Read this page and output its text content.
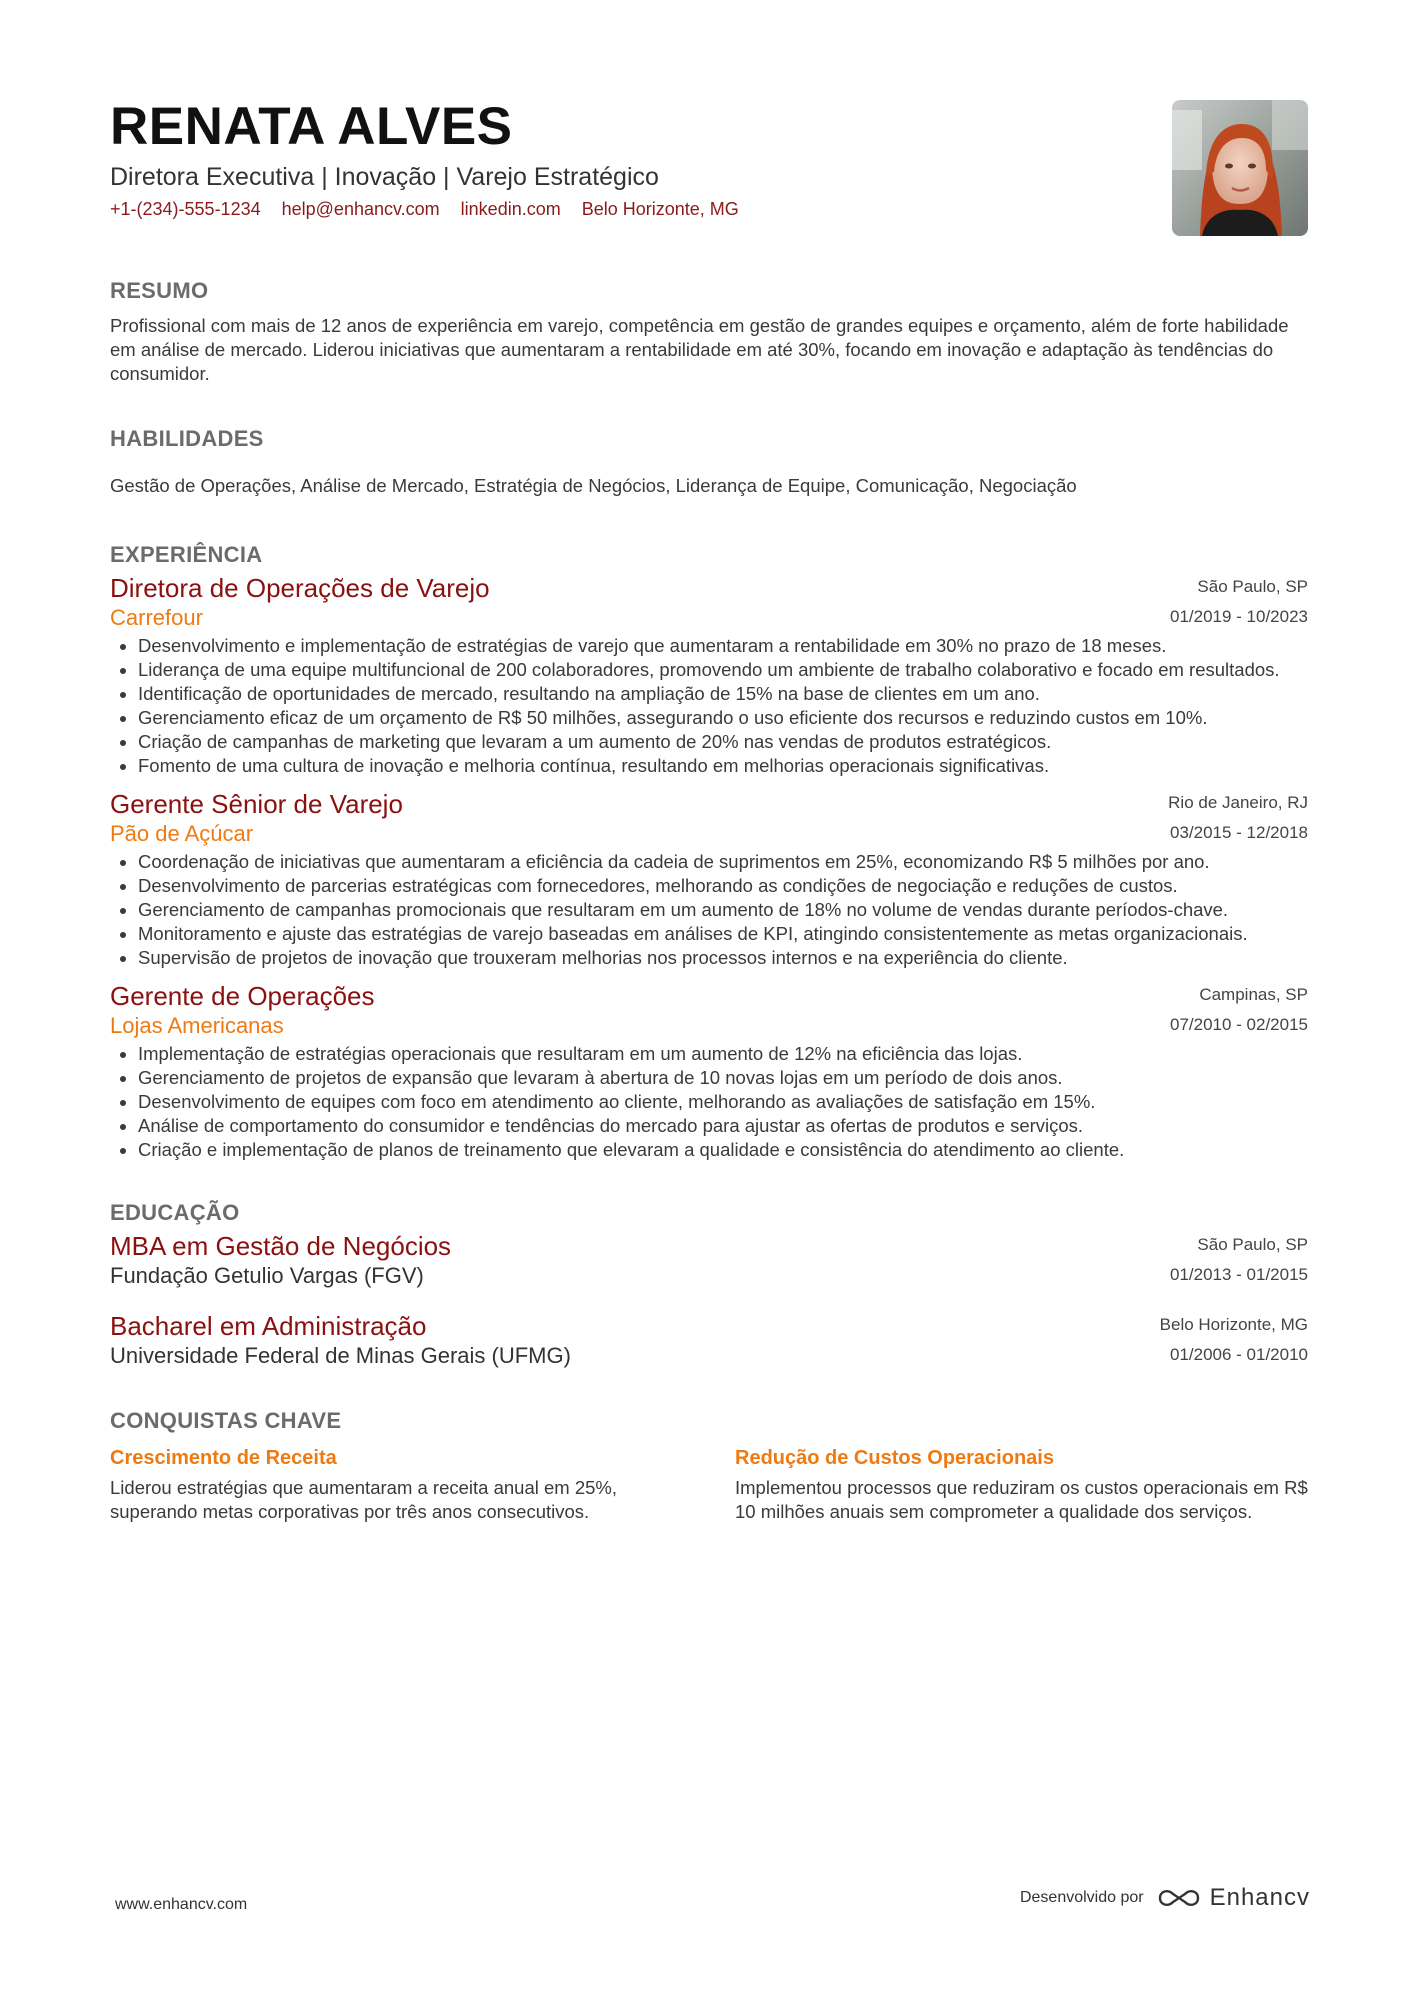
RENATA ALVES
Diretora Executiva | Inovação | Varejo Estratégico
+1-(234)-555-1234 help@enhancv.com linkedin.com Belo Horizonte, MG
RESUMO
Profissional com mais de 12 anos de experiência em varejo, competência em gestão de grandes equipes e orçamento, além de forte habilidade em análise de mercado. Liderou iniciativas que aumentaram a rentabilidade em até 30%, focando em inovação e adaptação às tendências do consumidor.
HABILIDADES
Gestão de Operações, Análise de Mercado, Estratégia de Negócios, Liderança de Equipe, Comunicação, Negociação
EXPERIÊNCIA
Diretora de Operações de Varejo
Carrefour
São Paulo, SP
01/2019 - 10/2023
• Desenvolvimento e implementação de estratégias de varejo que aumentaram a rentabilidade em 30% no prazo de 18 meses.
• Liderança de uma equipe multifuncional de 200 colaboradores, promovendo um ambiente de trabalho colaborativo e focado em resultados.
• Identificação de oportunidades de mercado, resultando na ampliação de 15% na base de clientes em um ano.
• Gerenciamento eficaz de um orçamento de R$ 50 milhões, assegurando o uso eficiente dos recursos e reduzindo custos em 10%.
• Criação de campanhas de marketing que levaram a um aumento de 20% nas vendas de produtos estratégicos.
• Fomento de uma cultura de inovação e melhoria contínua, resultando em melhorias operacionais significativas.
Gerente Sênior de Varejo
Pão de Açúcar
Rio de Janeiro, RJ
03/2015 - 12/2018
• Coordenação de iniciativas que aumentaram a eficiência da cadeia de suprimentos em 25%, economizando R$ 5 milhões por ano.
• Desenvolvimento de parcerias estratégicas com fornecedores, melhorando as condições de negociação e reduções de custos.
• Gerenciamento de campanhas promocionais que resultaram em um aumento de 18% no volume de vendas durante períodos-chave.
• Monitoramento e ajuste das estratégias de varejo baseadas em análises de KPI, atingindo consistentemente as metas organizacionais.
• Supervisão de projetos de inovação que trouxeram melhorias nos processos internos e na experiência do cliente.
Gerente de Operações
Lojas Americanas
Campinas, SP
07/2010 - 02/2015
• Implementação de estratégias operacionais que resultaram em um aumento de 12% na eficiência das lojas.
• Gerenciamento de projetos de expansão que levaram à abertura de 10 novas lojas em um período de dois anos.
• Desenvolvimento de equipes com foco em atendimento ao cliente, melhorando as avaliações de satisfação em 15%.
• Análise de comportamento do consumidor e tendências do mercado para ajustar as ofertas de produtos e serviços.
• Criação e implementação de planos de treinamento que elevaram a qualidade e consistência do atendimento ao cliente.
EDUCAÇÃO
MBA em Gestão de Negócios
Fundação Getulio Vargas (FGV)
São Paulo, SP
01/2013 - 01/2015
Bacharel em Administração
Universidade Federal de Minas Gerais (UFMG)
Belo Horizonte, MG
01/2006 - 01/2010
CONQUISTAS CHAVE
Crescimento de Receita
Liderou estratégias que aumentaram a receita anual em 25%, superando metas corporativas por três anos consecutivos.
Redução de Custos Operacionais
Implementou processos que reduziram os custos operacionais em R$ 10 milhões anuais sem comprometer a qualidade dos serviços.
www.enhancv.com	Desenvolvido por	Enhancv
